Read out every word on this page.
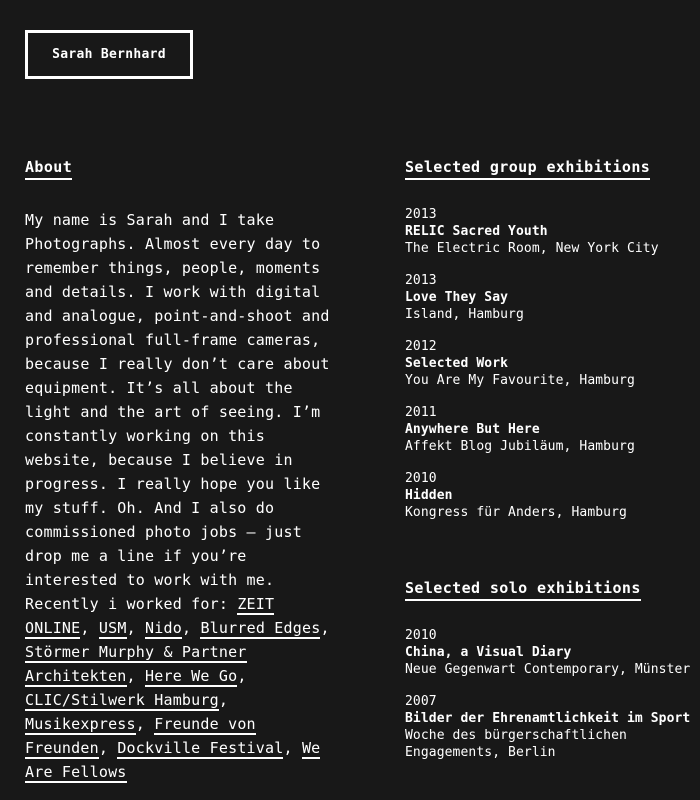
Sarah Bernhard
About
My name is Sarah and I take Photographs. Almost every day to remember things, people, moments and details. I work with digital and analogue, point-and-shoot and professional full-frame cameras, because I really don’t care about equipment. It’s all about the light and the art of seeing. I’m constantly working on this website, because I believe in progress. I really hope you like my stuff. Oh. And I also do commissioned photo jobs – just drop me a line if you’re interested to work with me. Recently i worked for: ZEIT ONLINE, USM, Nido, Blurred Edges, Störmer Murphy & Partner Architekten, Here We Go, CLIC/Stilwerk Hamburg, Musikexpress, Freunde von Freunden, Dockville Festival, We Are Fellows
Selected group exhibitions
2013
RELIC Sacred Youth
The Electric Room, New York City
2013
Love They Say
Island, Hamburg
2012
Selected Work
You Are My Favourite, Hamburg
2011
Anywhere But Here
Affekt Blog Jubiläum, Hamburg
2010
Hidden
Kongress für Anders, Hamburg
Selected solo exhibitions
2010
China, a Visual Diary
Neue Gegenwart Contemporary, Münster
2007
Bilder der Ehrenamtlichkeit im Sport
Woche des bürgerschaftlichen Engagements, Berlin
